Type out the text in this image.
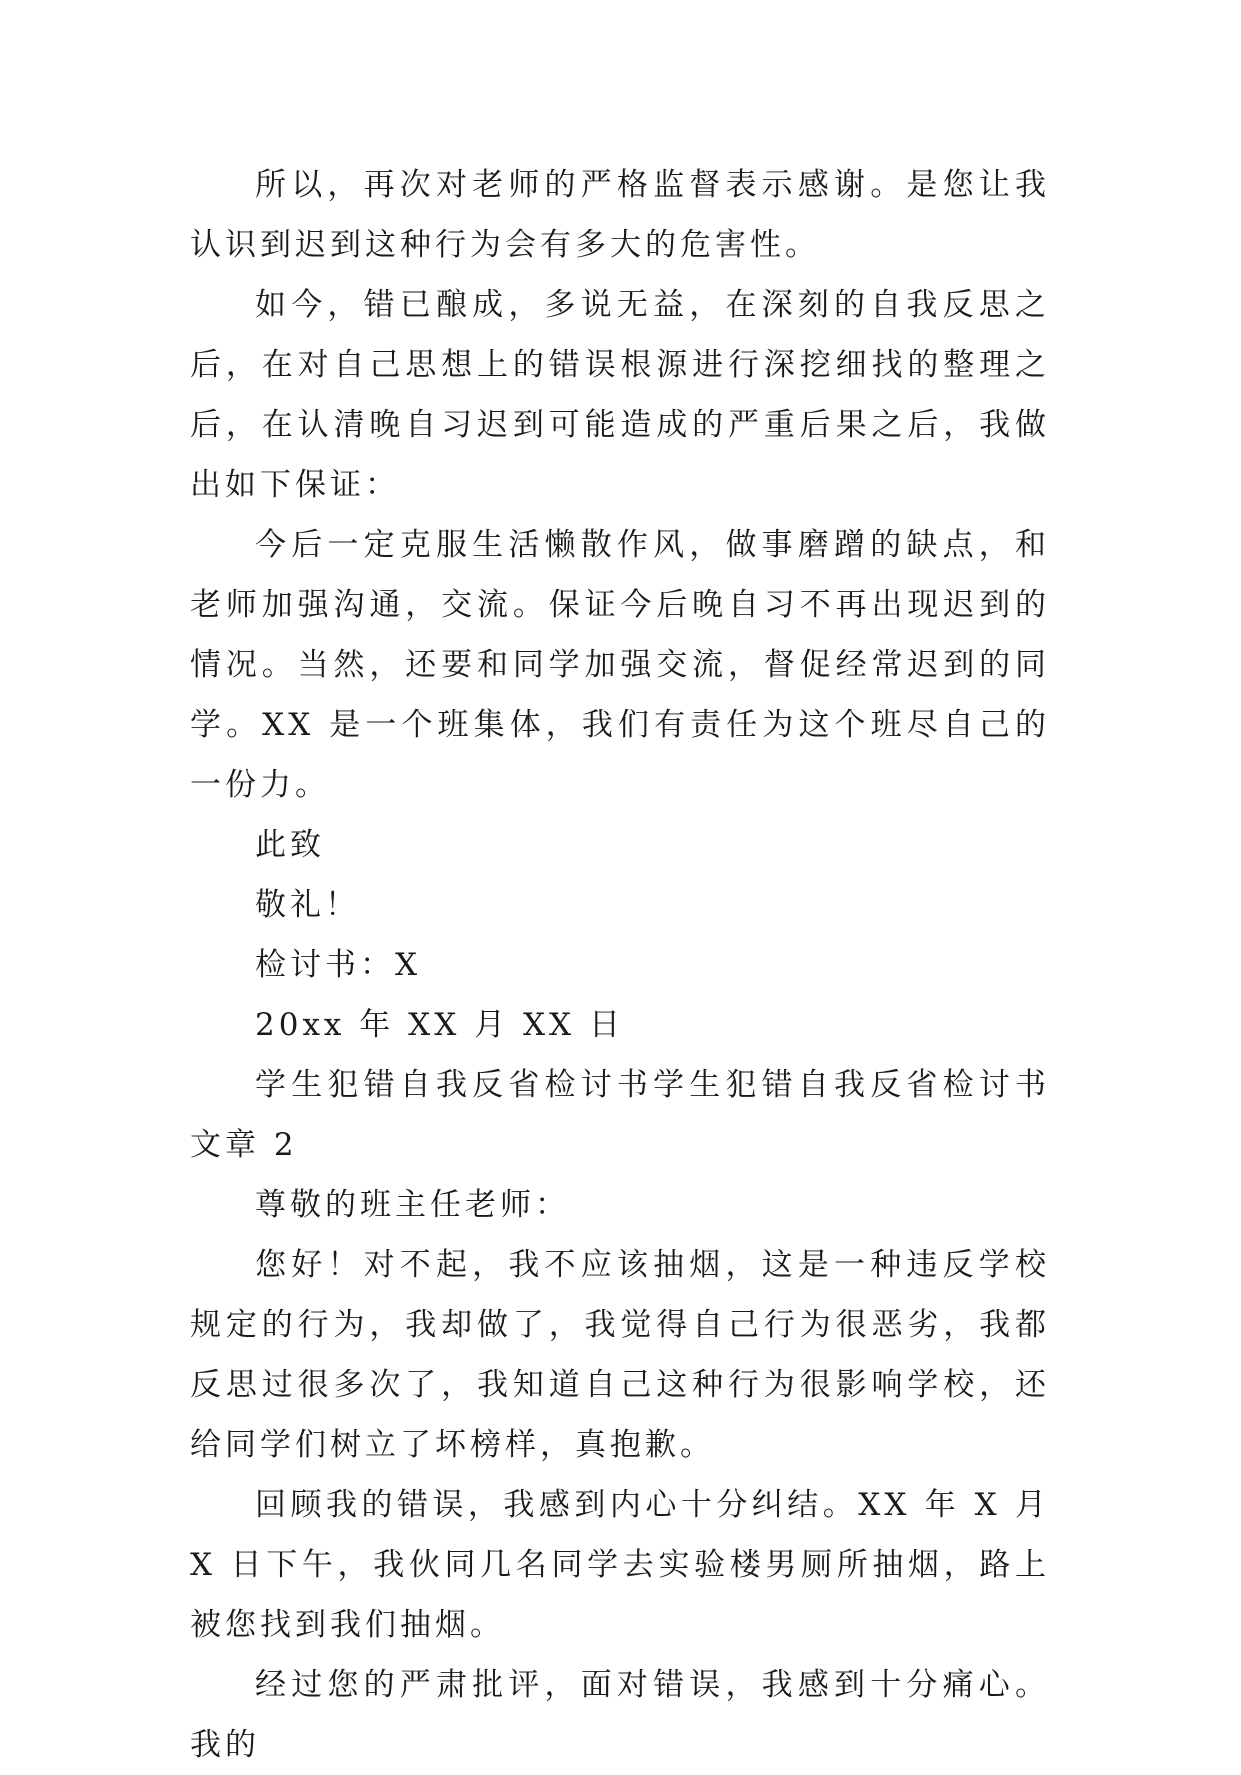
所以，再次对老师的严格监督表示感谢。是您让我认识到迟到这种行为会有多大的危害性。

如今，错已酿成，多说无益，在深刻的自我反思之后，在对自己思想上的错误根源进行深挖细找的整理之后，在认清晚自习迟到可能造成的严重后果之后，我做出如下保证：

今后一定克服生活懒散作风，做事磨蹭的缺点，和老师加强沟通，交流。保证今后晚自习不再出现迟到的情况。当然，还要和同学加强交流，督促经常迟到的同学。XX 是一个班集体，我们有责任为这个班尽自己的一份力。

此致

敬礼！

检讨书：X

20xx 年 XX 月 XX 日

学生犯错自我反省检讨书学生犯错自我反省检讨书文章 2

尊敬的班主任老师：

您好！对不起，我不应该抽烟，这是一种违反学校规定的行为，我却做了，我觉得自己行为很恶劣，我都反思过很多次了，我知道自己这种行为很影响学校，还给同学们树立了坏榜样，真抱歉。

回顾我的错误，我感到内心十分纠结。XX 年 X 月 X 日下午，我伙同几名同学去实验楼男厕所抽烟，路上被您找到我们抽烟。

经过您的严肃批评，面对错误，我感到十分痛心。我的
